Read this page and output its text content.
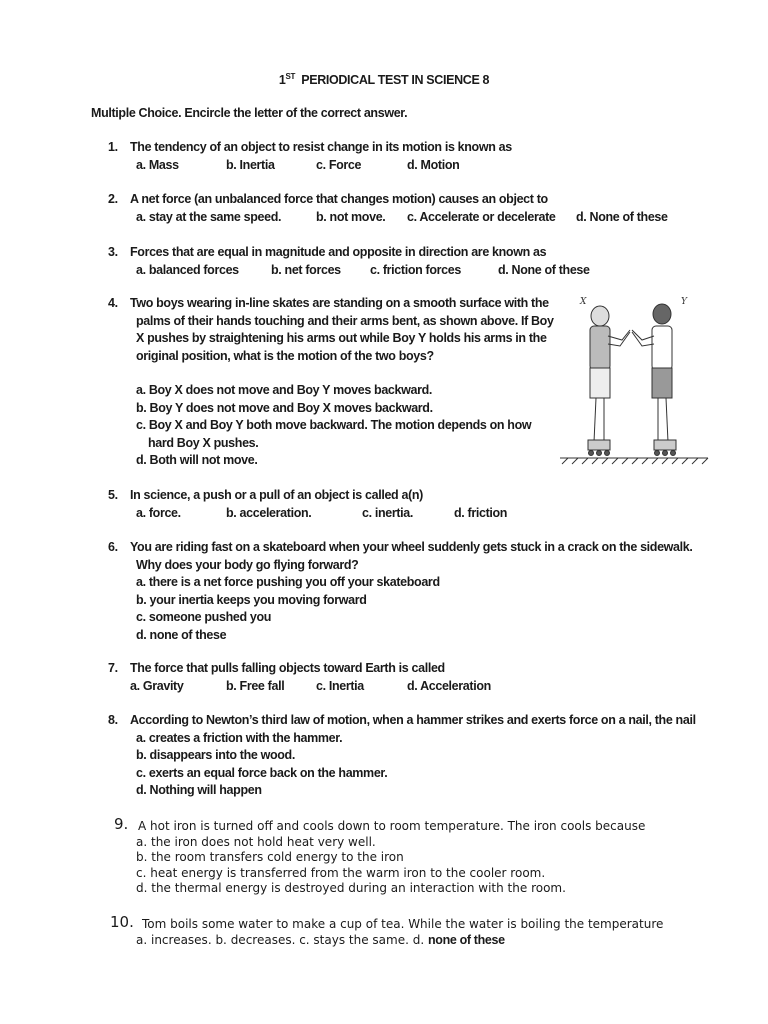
1ST PERIODICAL TEST IN SCIENCE 8
Multiple Choice. Encircle the letter of the correct answer.
1. The tendency of an object to resist change in its motion is known as
a. Mass	b. Inertia	c. Force	d. Motion
2. A net force (an unbalanced force that changes motion) causes an object to
a. stay at the same speed.	b. not move. c. Accelerate or decelerate d. None of these
3. Forces that are equal in magnitude and opposite in direction are known as
a. balanced forces	b. net forces c. friction forces	d. None of these
4. Two boys wearing in-line skates are standing on a smooth surface with the palms of their hands touching and their arms bent, as shown above. If Boy X pushes by straightening his arms out while Boy Y holds his arms in the original position, what is the motion of the two boys?
a. Boy X does not move and Boy Y moves backward.
b. Boy Y does not move and Boy X moves backward.
c. Boy X and Boy Y both move backward. The motion depends on how
hard Boy X pushes.
d. Both will not move.
X	Y
5. In science, a push or a pull of an object is called a(n)
a. force.	b. acceleration.	c. inertia.	d. friction
6. You are riding fast on a skateboard when your wheel suddenly gets stuck in a crack on the sidewalk.
Why does your body go flying forward?
a. there is a net force pushing you off your skateboard
b. your inertia keeps you moving forward
c. someone pushed you
d. none of these
7. The force that pulls falling objects toward Earth is called
a. Gravity	b. Free fall	c. Inertia	d. Acceleration
8. According to Newton’s third law of motion, when a hammer strikes and exerts force on a nail, the nail
a. creates a friction with the hammer.
b. disappears into the wood.
c. exerts an equal force back on the hammer.
d. Nothing will happen
9. A hot iron is turned off and cools down to room temperature. The iron cools because
a. the iron does not hold heat very well.
b. the room transfers cold energy to the iron
c. heat energy is transferred from the warm iron to the cooler room.
d. the thermal energy is destroyed during an interaction with the room.
10. Tom boils some water to make a cup of tea. While the water is boiling the temperature
a. increases. b. decreases. c. stays the same. d. none of these
